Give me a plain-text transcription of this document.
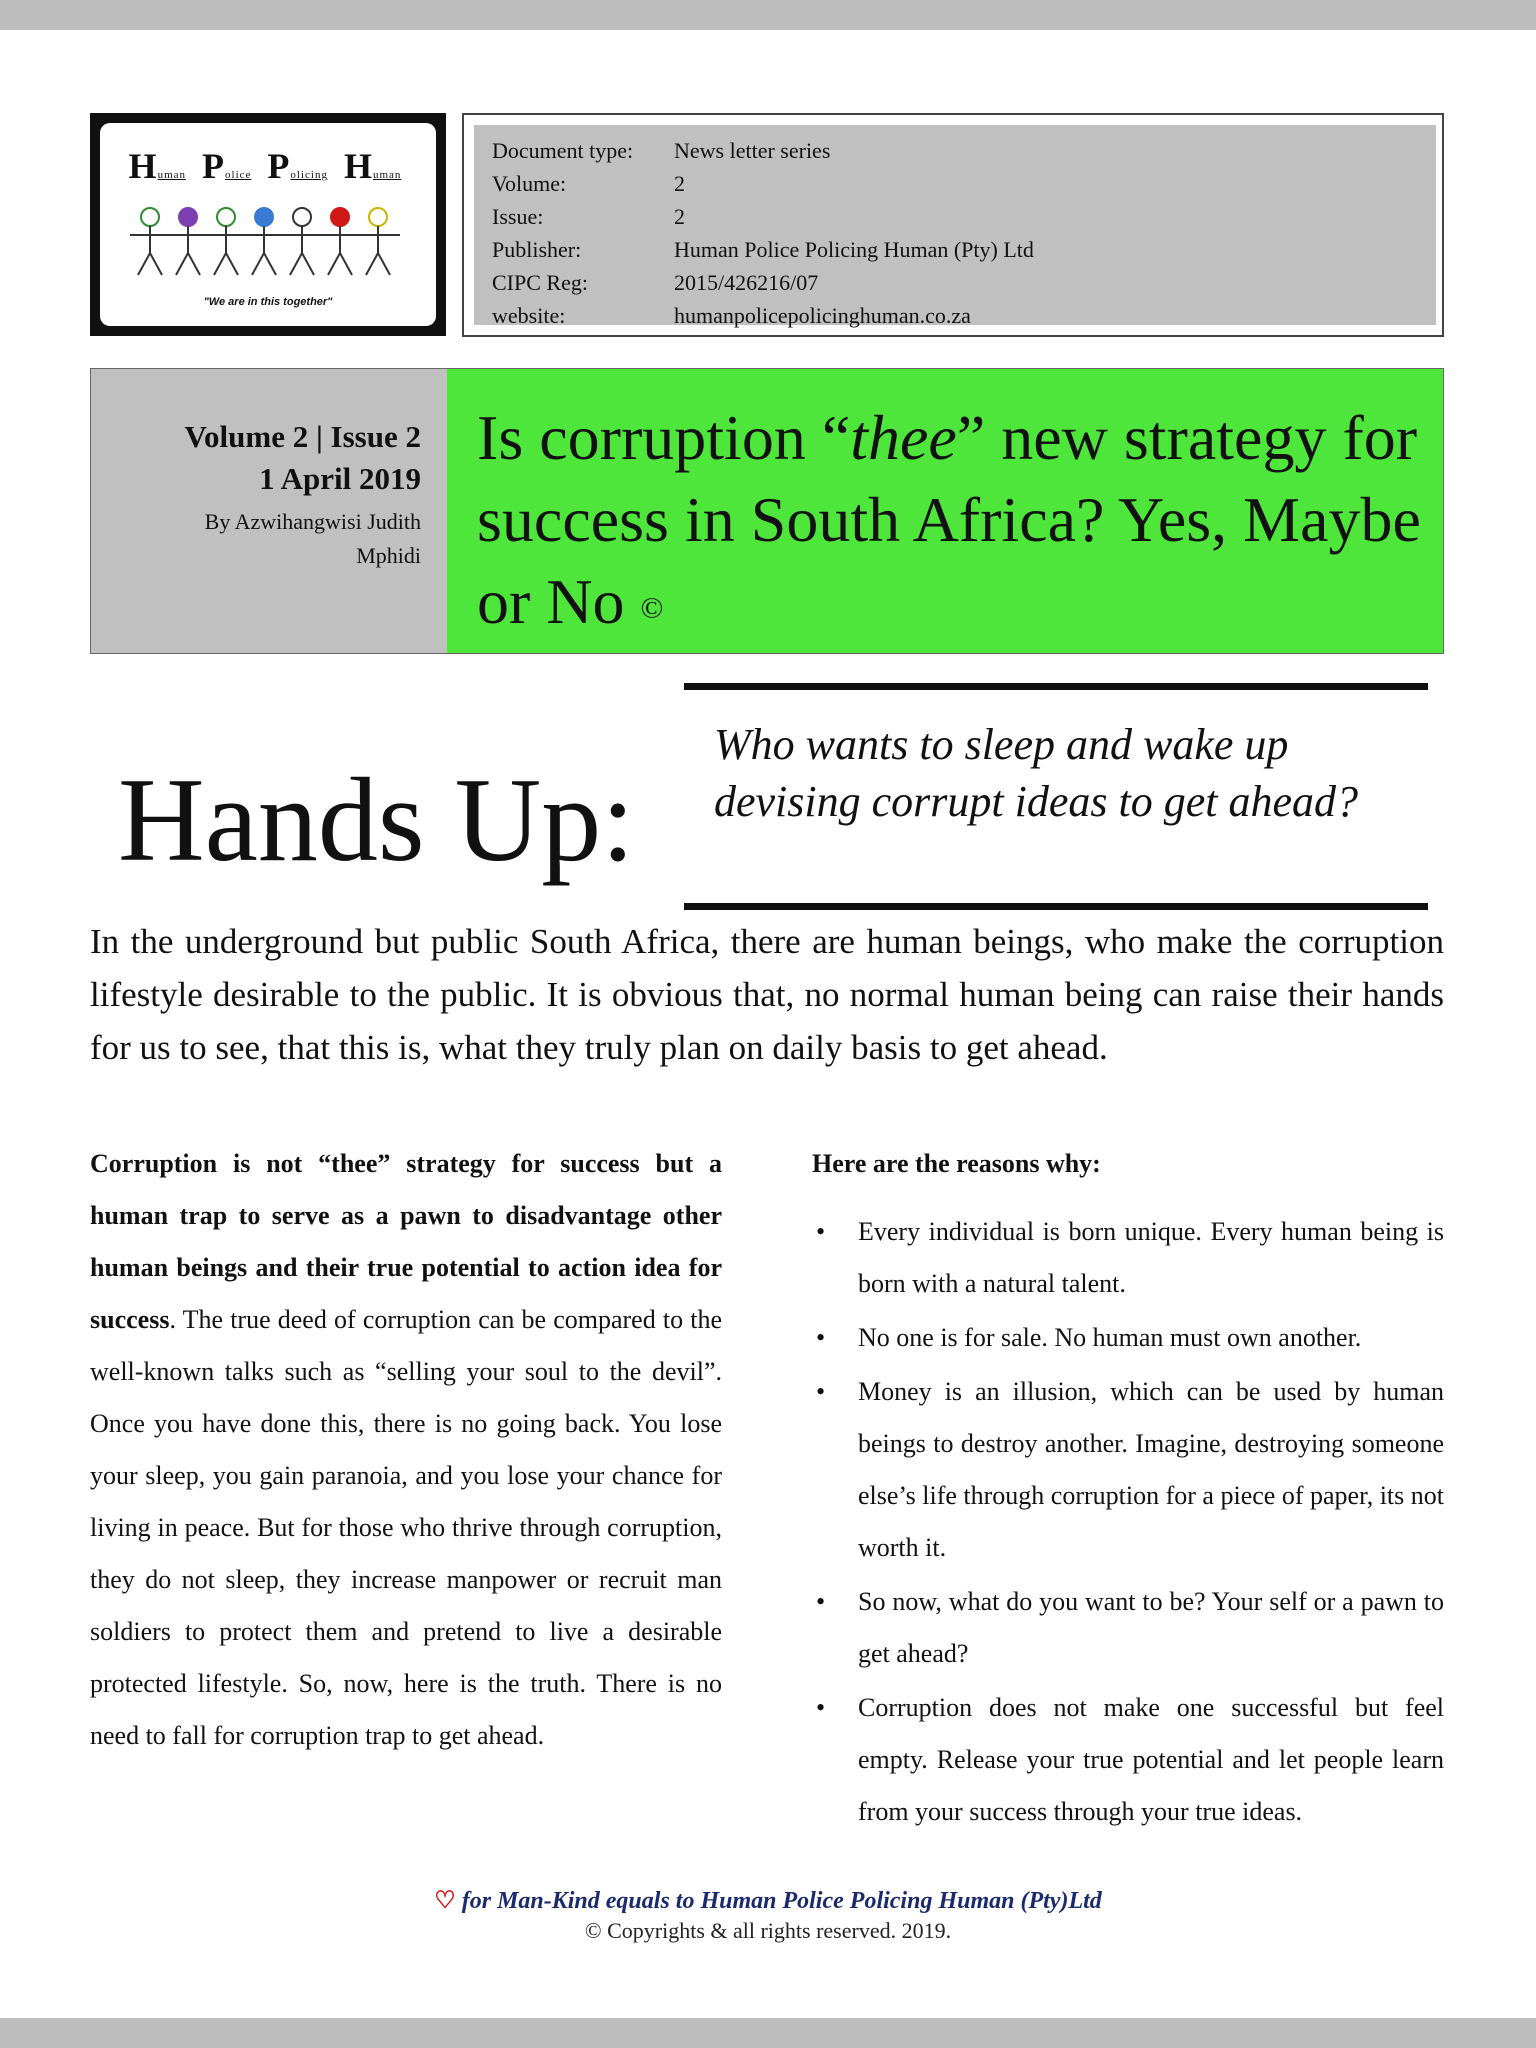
Human Police Policing Human
"We are in this together"
Document type:	News letter series
Volume:	2
Issue:	2
Publisher:	Human Police Policing Human (Pty) Ltd
CIPC Reg:	2015/426216/07
website:	humanpolicepolicinghuman.co.za
Volume 2 | Issue 2
1 April 2019
By Azwihangwisi Judith
Mphidi
Is corruption “thee” new strategy for success in South Africa? Yes, Maybe or No ©
Hands Up:
Who wants to sleep and wake up devising corrupt ideas to get ahead?
In the underground but public South Africa, there are human beings, who make the corruption lifestyle desirable to the public. It is obvious that, no normal human being can raise their hands for us to see, that this is, what they truly plan on daily basis to get ahead.
Corruption is not “thee” strategy for success but a human trap to serve as a pawn to disadvantage other human beings and their true potential to action idea for success. The true deed of corruption can be compared to the well-known talks such as “selling your soul to the devil”. Once you have done this, there is no going back. You lose your sleep, you gain paranoia, and you lose your chance for living in peace. But for those who thrive through corruption, they do not sleep, they increase manpower or recruit man soldiers to protect them and pretend to live a desirable protected lifestyle. So, now, here is the truth. There is no need to fall for corruption trap to get ahead.
Here are the reasons why:
• Every individual is born unique. Every human being is born with a natural talent.
• No one is for sale. No human must own another.
• Money is an illusion, which can be used by human beings to destroy another. Imagine, destroying someone else’s life through corruption for a piece of paper, its not worth it.
• So now, what do you want to be? Your self or a pawn to get ahead?
• Corruption does not make one successful but feel empty. Release your true potential and let people learn from your success through your true ideas.
♡ for Man-Kind equals to Human Police Policing Human (Pty)Ltd
© Copyrights & all rights reserved. 2019.
